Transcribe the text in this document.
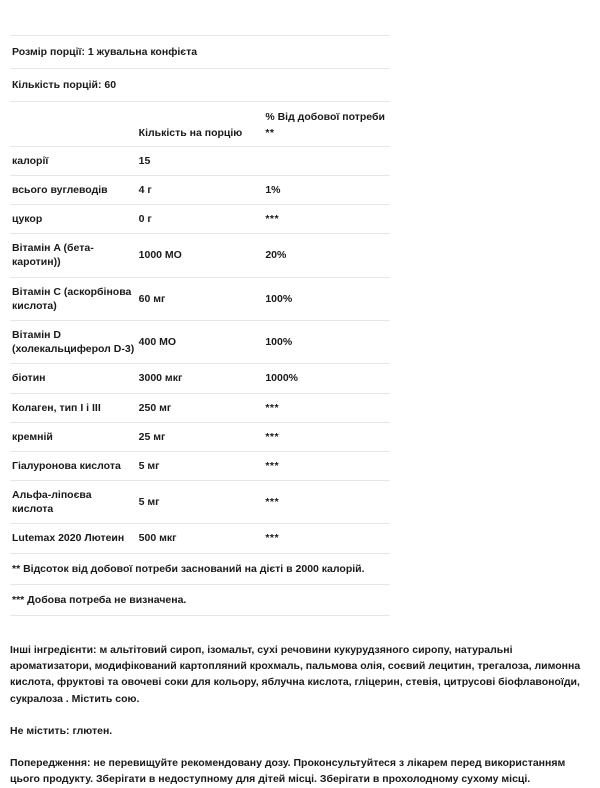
Розмір порції: 1 жувальна конфієта		
Кількість порцій: 60		
	Кількість на порцію	% Від добової потреби
**

калорії	15	
всього вуглеводів	4 г	1%
цукор	0 г	***
Вітамін A (бета-каротин))	1000 МО	20%
Вітамін C (аскорбінова кислота)	60 мг	100%
Вітамін D (холекальциферол D-3)	400 МО	100%
біотин	3000 мкг	1000%
Колаген, тип I і III	250 мг	***
кремній	25 мг	***
Гіалуронова кислота	5 мг	***
Альфа-ліпоєва кислота	5 мг	***
Lutemax 2020 Лютеин	500 мкг	***
** Відсоток від добової потреби заснований на дієті в 2000 калорій.		
*** Добова потреба не визначена.		

Інші інгредієнти: м альтітовий сироп, ізомальт, сухі речовини кукурудзяного сиропу, натуральні ароматизатори, модифікований картопляний крохмаль, пальмова олія, соєвий лецитин, трегалоза, лимонна кислота, фруктові та овочеві соки для кольору, яблучна кислота, гліцерин, стевія, цитрусові біофлавоноїди, сукралоза . Містить сою.

Не містить: глютен.

Попередження: не перевищуйте рекомендовану дозу. Проконсультуйтеся з лікарем перед використанням цього продукту. Зберігати в недоступному для дітей місці. Зберігати в прохолодному сухому місці.
